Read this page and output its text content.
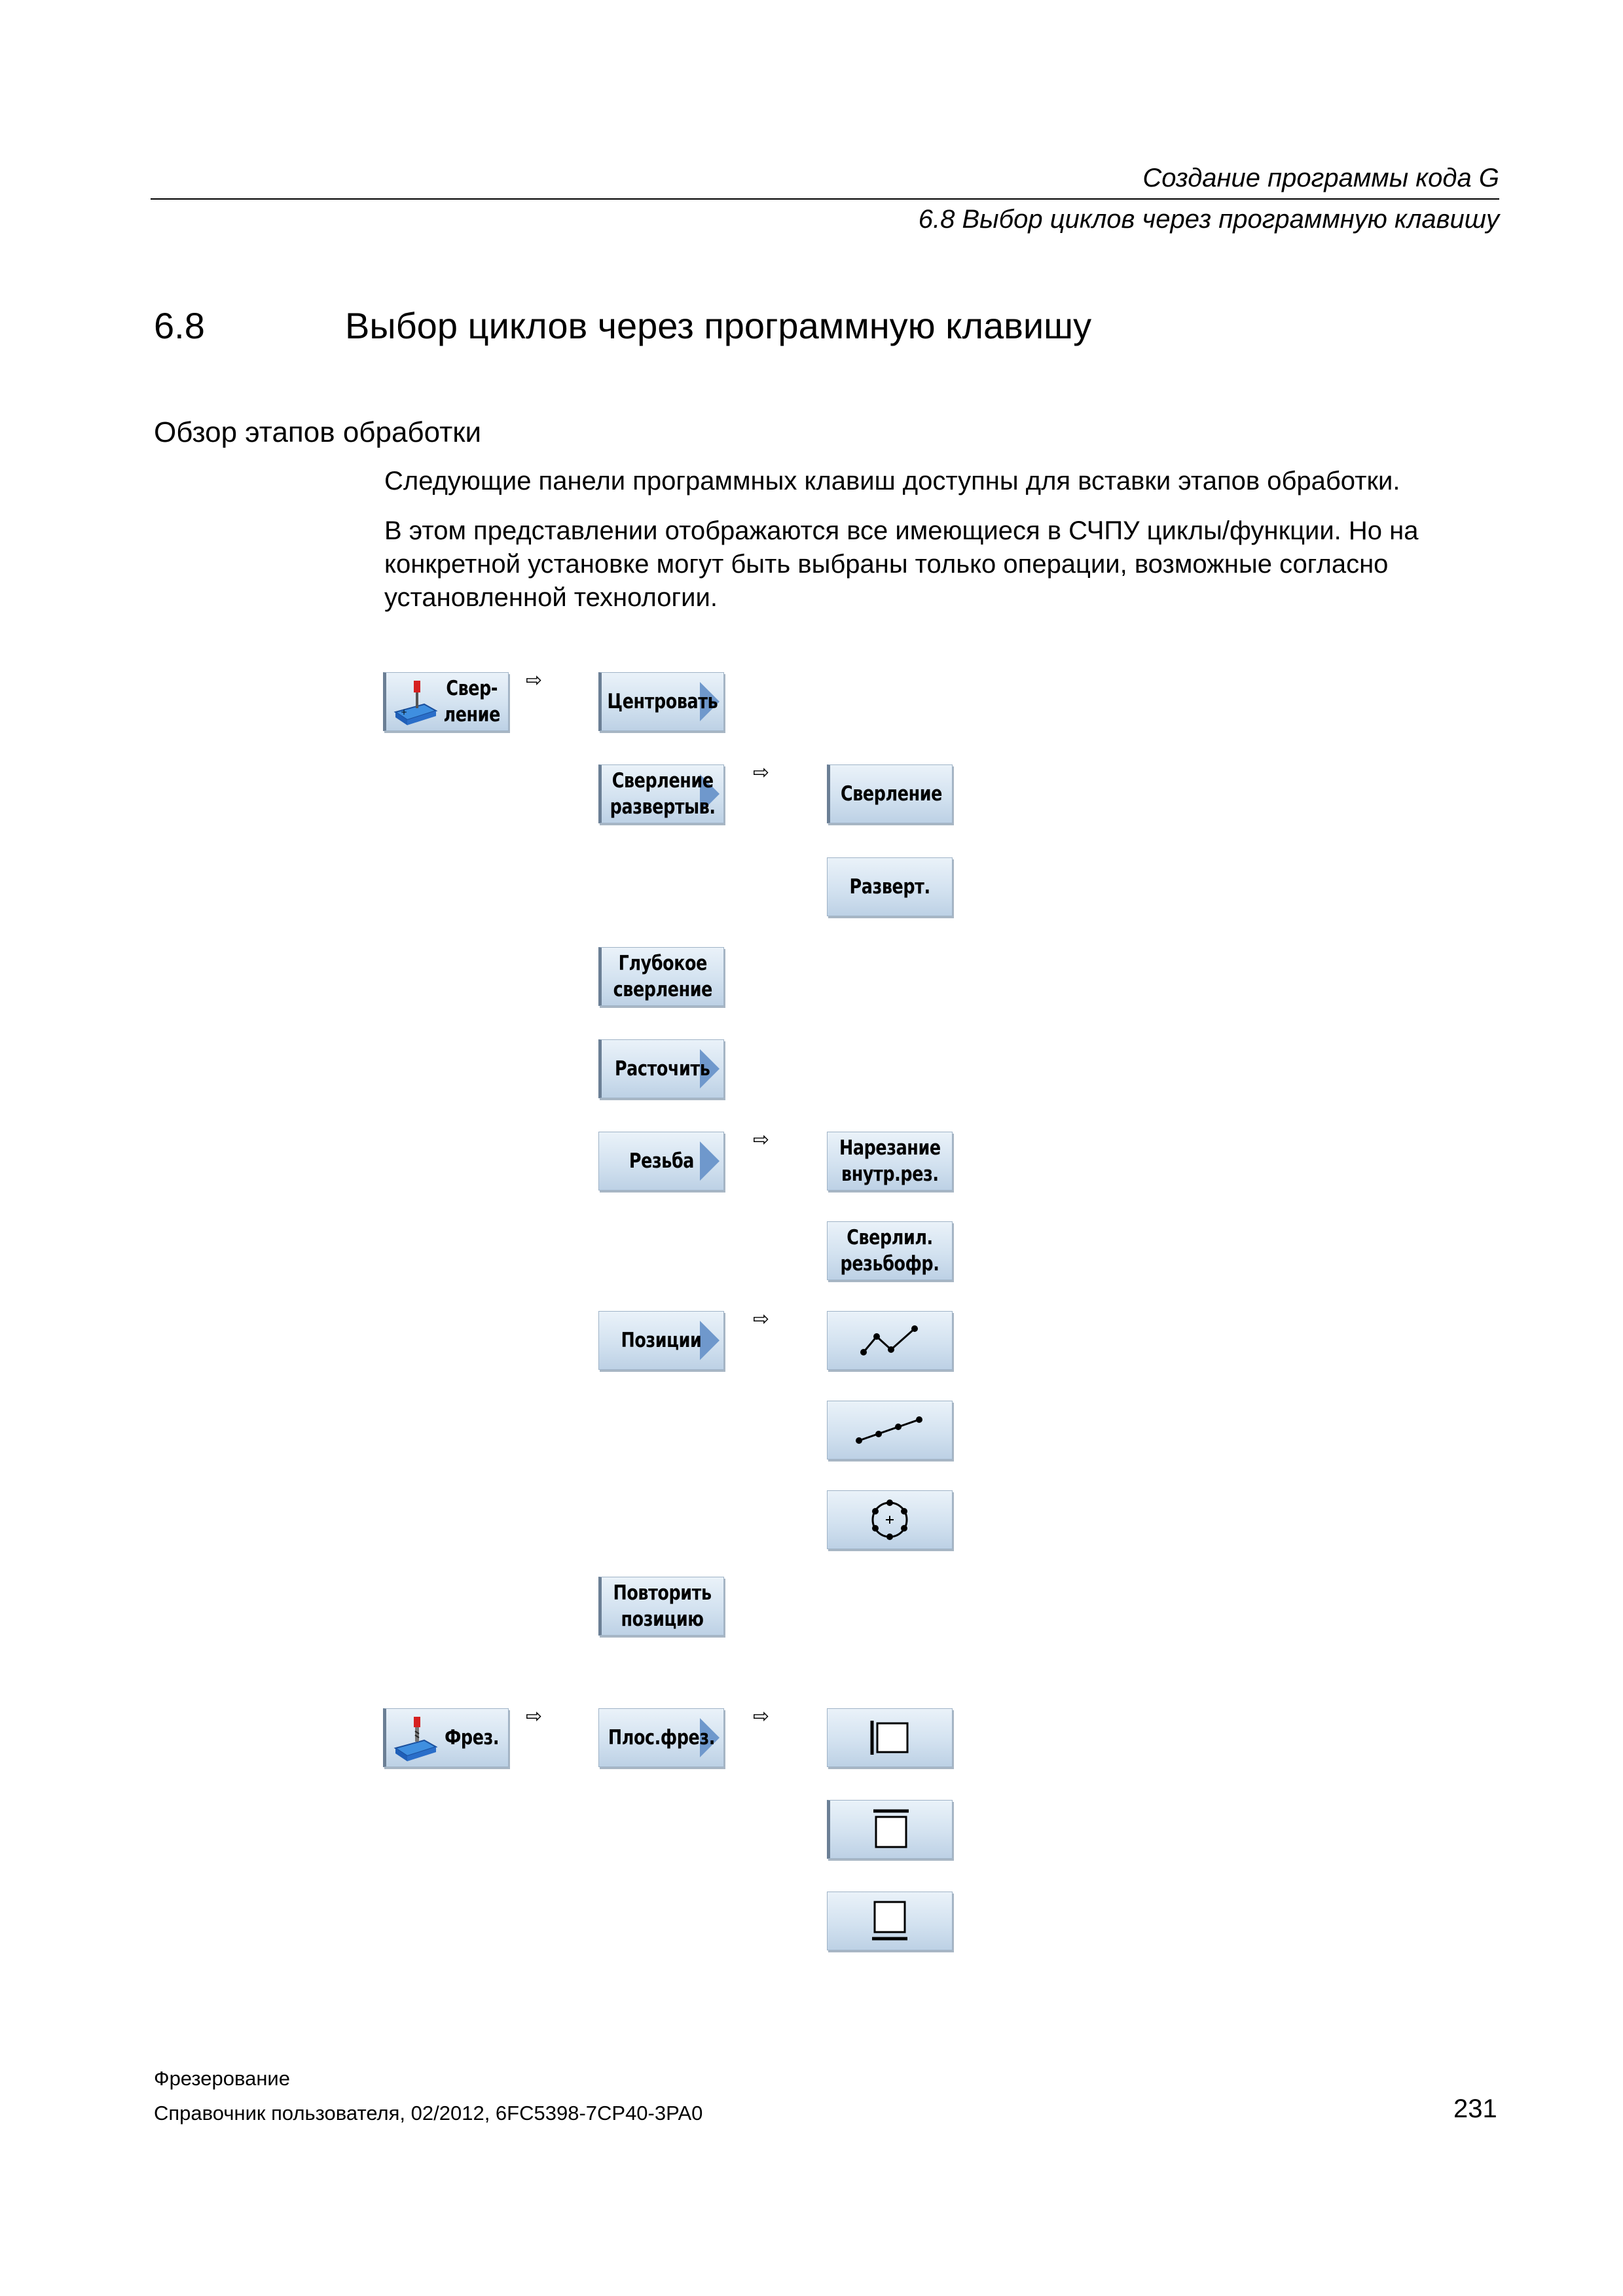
Создание программы кода G
6.8 Выбор циклов через программную клавишу
6.8	Выбор циклов через программную клавишу
Обзор этапов обработки
Следующие панели программных клавиш доступны для вставки этапов обработки.
В этом представлении отображаются все имеющиеся в СЧПУ циклы/функции. Но на конкретной установке могут быть выбраны только операции, возможные согласно установленной технологии.
⇨
⇨
⇨
⇨
⇨	⇨
+
Свер-
ление
Центровать
Сверление
развертыв.
Глубокое
сверление
Расточить
Резьба
Позиции
Повторить
позицию
Сверление
Разверт.
Нарезание
внутр.рез.
Сверлил.
резьбофр.
Фрез.	Плос.фрез.
Фрезерование
Справочник пользователя, 02/2012, 6FC5398-7CP40-3PA0	231
